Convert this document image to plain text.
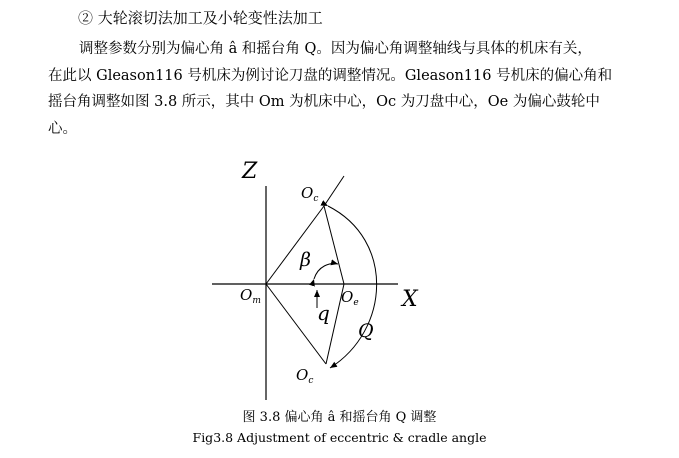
② 大轮滚切法加工及小轮变性法加工

调整参数分别为偏心角 â 和摇台角 Q。因为偏心角调整轴线与具体的机床有关，
在此以 Gleason116 号机床为例讨论刀盘的调整情况。Gleason116 号机床的偏心角和
摇台角调整如图 3.8 所示，其中 Om 为机床中心，Oc 为刀盘中心，Oe 为偏心鼓轮中
心。

Z
X
$O_m$
$O_c$
$O_e$
$O_c$
β
q
Q
图 3.8 偏心角 â 和摇台角 Q 调整
Fig3.8 Adjustment of eccentric & cradle angle
